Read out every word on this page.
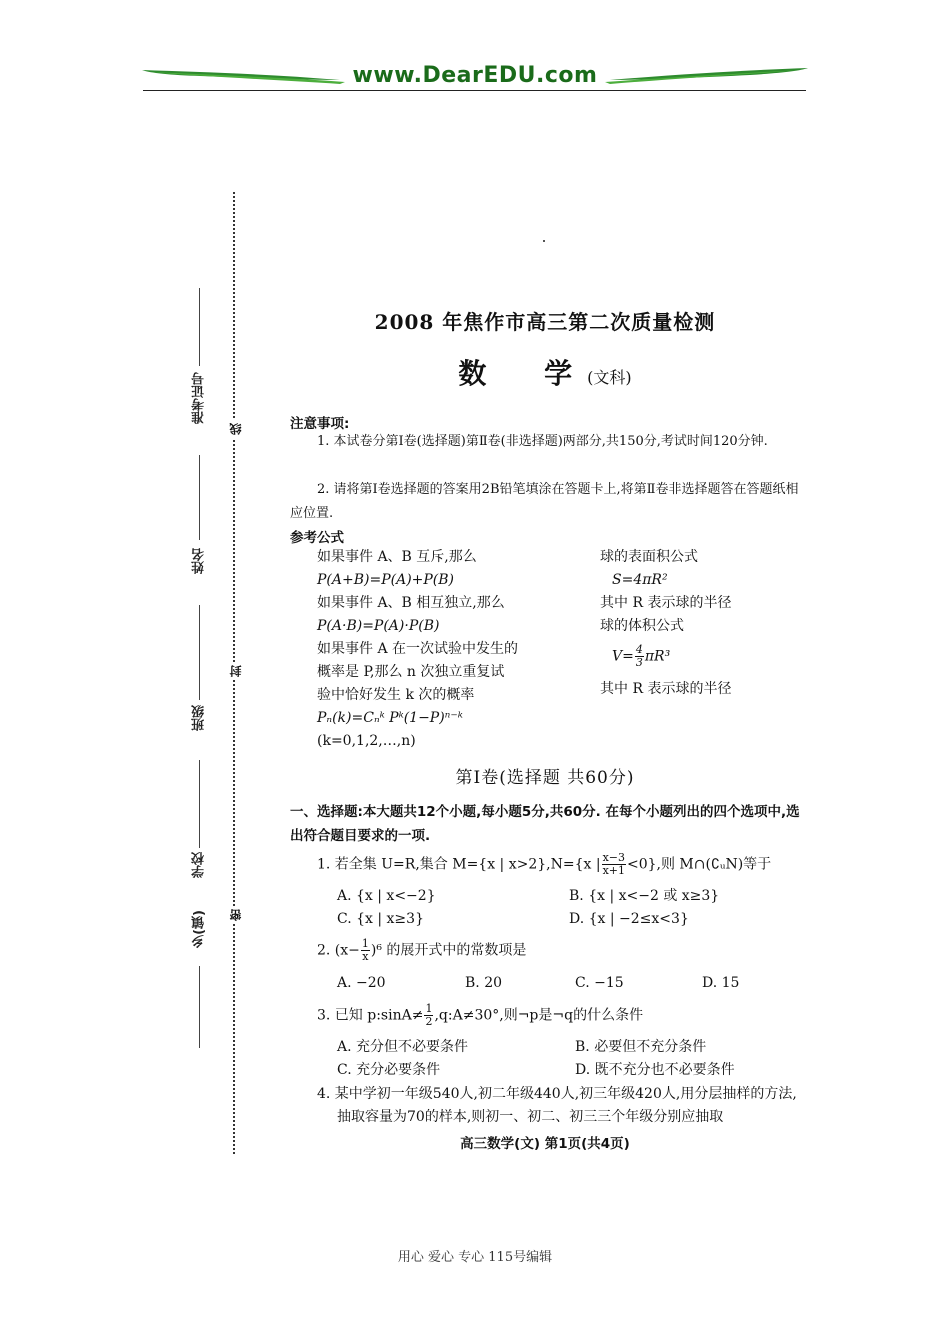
www.DearEDU.com
准考证号
姓名
班级
学校
乡(镇)
线
封
密
2008 年焦作市高三第二次质量检测
数 学 (文科)
注意事项:
1. 本试卷分第Ⅰ卷(选择题)第Ⅱ卷(非选择题)两部分,共150分,考试时间120分钟.
2. 请将第Ⅰ卷选择题的答案用2B铅笔填涂在答题卡上,将第Ⅱ卷非选择题答在答题纸相应位置.
参考公式
如果事件 A、B 互斥,那么
P(A+B)=P(A)+P(B)
如果事件 A、B 相互独立,那么
P(A·B)=P(A)·P(B)
如果事件 A 在一次试验中发生的
概率是 P,那么 n 次独立重复试
验中恰好发生 k 次的概率
Pₙ(k)=Cₙᵏ Pᵏ(1−P)ⁿ⁻ᵏ
(k=0,1,2,…,n)
球的表面积公式
S=4πR²
其中 R 表示球的半径
球的体积公式
$V= \frac{4}{3} \pi R^3$
其中 R 表示球的半径
第Ⅰ卷(选择题 共60分)
一、选择题:本大题共12个小题,每小题5分,共60分. 在每个小题列出的四个选项中,选出符合题目要求的一项.
1. 若全集 U=R,集合 M={x | x>2},N={x | $\frac{x-3}{x+1} <0$},则 M∩(∁ᵤN)等于
A. {x | x<−2}	B. {x | x<−2 或 x≥3}
C. {x | x≥3}	D. {x | −2≤x<3}
2. $(x- \frac{1}{x} )^6$ 的展开式中的常数项是
A. −20	B. 20	C. −15	D. 15
3. 已知 p:sinA≠ $\frac{1}{2}$ ,q:A≠30°,则¬p是¬q的什么条件
A. 充分但不必要条件	B. 必要但不充分条件
C. 充分必要条件	D. 既不充分也不必要条件
4. 某中学初一年级540人,初二年级440人,初三年级420人,用分层抽样的方法,
抽取容量为70的样本,则初一、初二、初三三个年级分别应抽取
高三数学(文) 第1页(共4页)
用心 爱心 专心 115号编辑
